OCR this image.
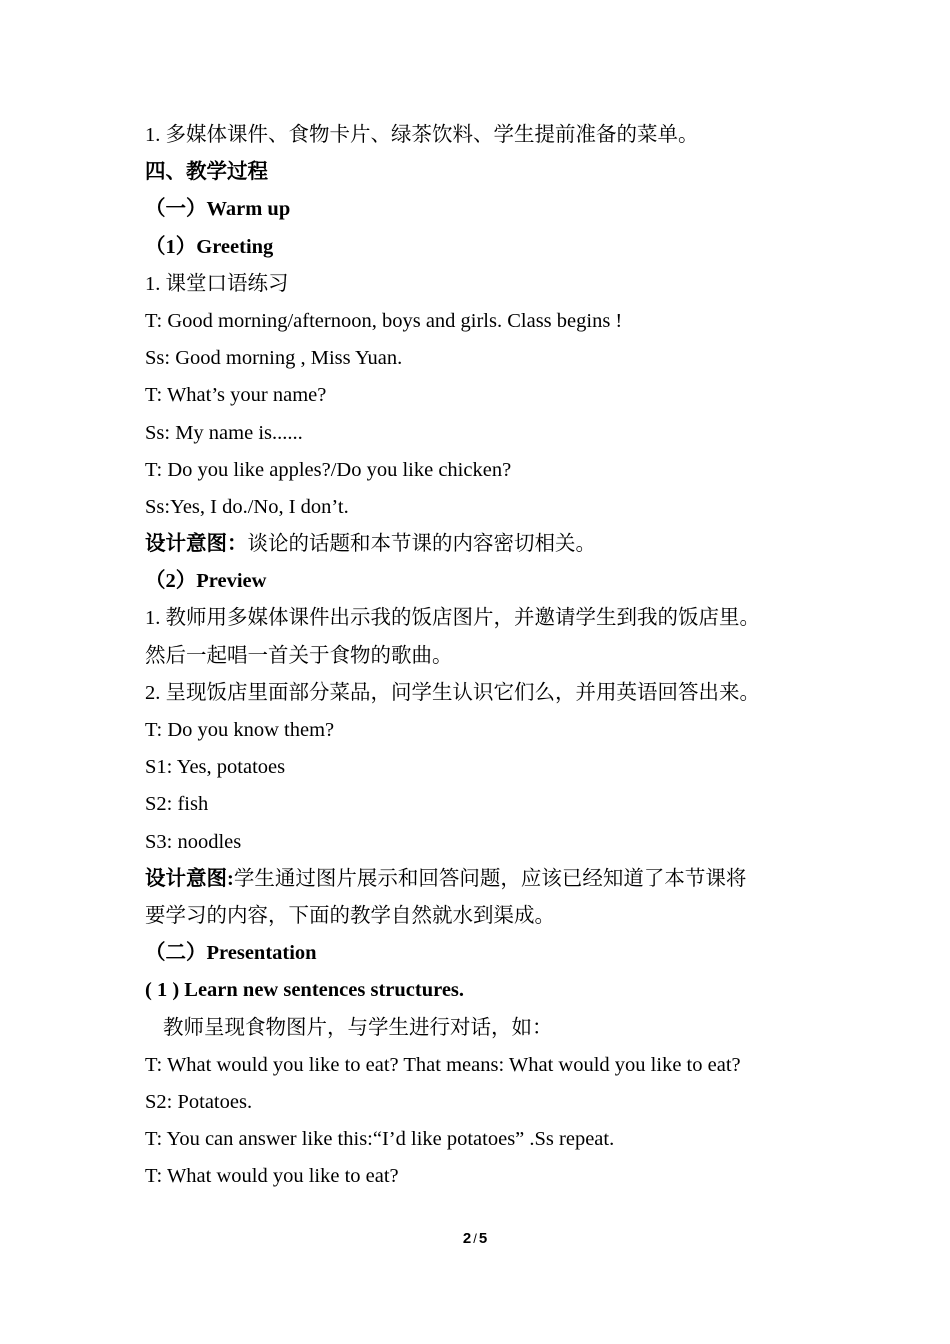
1. 多媒体课件、食物卡片、绿茶饮料、学生提前准备的菜单。
四、教学过程
（一）Warm up
（1）Greeting
1. 课堂口语练习
T: Good morning/afternoon, boys and girls. Class begins !
Ss: Good morning , Miss Yuan.
T: What’s your name?
Ss: My name is......
T: Do you like apples?/Do you like chicken?
Ss:Yes, I do./No, I don’t.
设计意图：谈论的话题和本节课的内容密切相关。
（2）Preview
1. 教师用多媒体课件出示我的饭店图片，并邀请学生到我的饭店里。
然后一起唱一首关于食物的歌曲。
2. 呈现饭店里面部分菜品，问学生认识它们么，并用英语回答出来。
T: Do you know them?
S1: Yes, potatoes
S2: fish
S3: noodles
设计意图:学生通过图片展示和回答问题，应该已经知道了本节课将
要学习的内容，下面的教学自然就水到渠成。
（二）Presentation
( 1 ) Learn new sentences structures.
教师呈现食物图片，与学生进行对话，如：
T: What would you like to eat? That means: What would you like to eat?
S2: Potatoes.
T: You can answer like this:“I’d like potatoes” .Ss repeat.
T: What would you like to eat?
2 / 5
